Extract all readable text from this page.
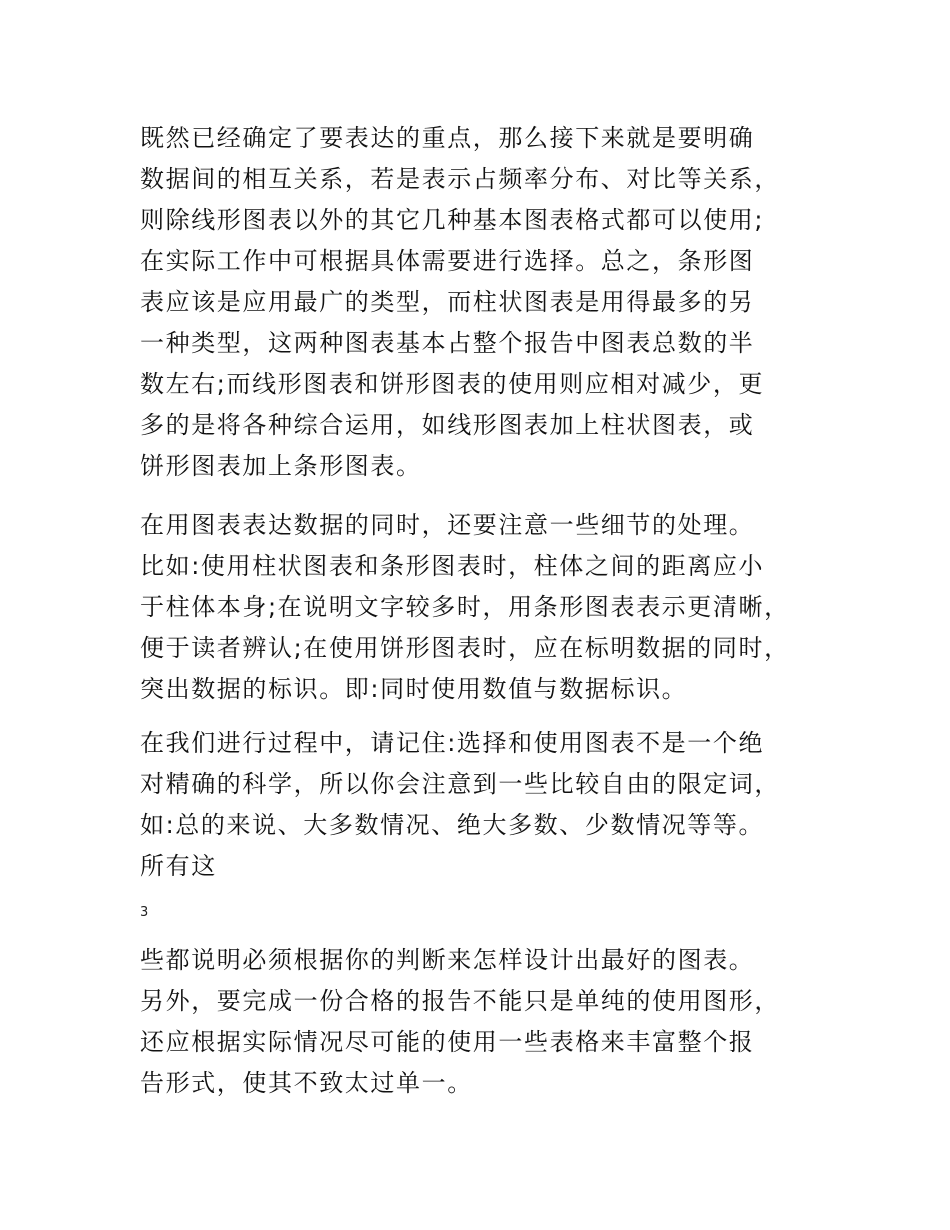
既然已经确定了要表达的重点，那么接下来就是要明确
数据间的相互关系，若是表示占频率分布、对比等关系，
则除线形图表以外的其它几种基本图表格式都可以使用;
在实际工作中可根据具体需要进行选择。总之，条形图
表应该是应用最广的类型，而柱状图表是用得最多的另
一种类型，这两种图表基本占整个报告中图表总数的半
数左右;而线形图表和饼形图表的使用则应相对减少，更
多的是将各种综合运用，如线形图表加上柱状图表，或
饼形图表加上条形图表。
在用图表表达数据的同时，还要注意一些细节的处理。
比如:使用柱状图表和条形图表时，柱体之间的距离应小
于柱体本身;在说明文字较多时，用条形图表表示更清晰，
便于读者辨认;在使用饼形图表时，应在标明数据的同时，
突出数据的标识。即:同时使用数值与数据标识。
在我们进行过程中，请记住:选择和使用图表不是一个绝
对精确的科学，所以你会注意到一些比较自由的限定词，
如:总的来说、大多数情况、绝大多数、少数情况等等。
所有这
3
些都说明必须根据你的判断来怎样设计出最好的图表。
另外，要完成一份合格的报告不能只是单纯的使用图形，
还应根据实际情况尽可能的使用一些表格来丰富整个报
告形式，使其不致太过单一。
